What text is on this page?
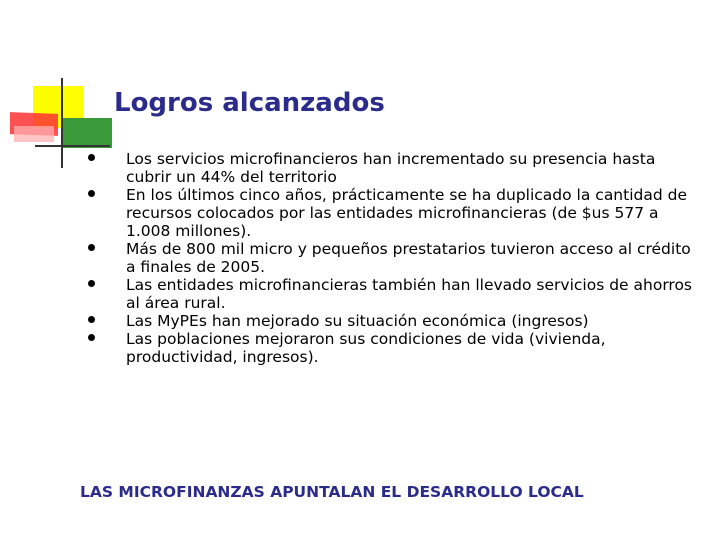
Logros alcanzados
Los servicios microfinancieros han incrementado su presencia hasta cubrir un 44% del territorio
En los últimos cinco años, prácticamente se ha duplicado la cantidad de recursos colocados por las entidades microfinancieras (de $us 577 a 1.008 millones).
Más de 800 mil micro y pequeños prestatarios tuvieron acceso al crédito a finales de 2005.
Las entidades microfinancieras también han llevado servicios de ahorros al área rural.
Las MyPEs han mejorado su situación económica (ingresos)
Las poblaciones mejoraron sus condiciones de vida (vivienda, productividad, ingresos).
LAS MICROFINANZAS APUNTALAN EL DESARROLLO LOCAL
